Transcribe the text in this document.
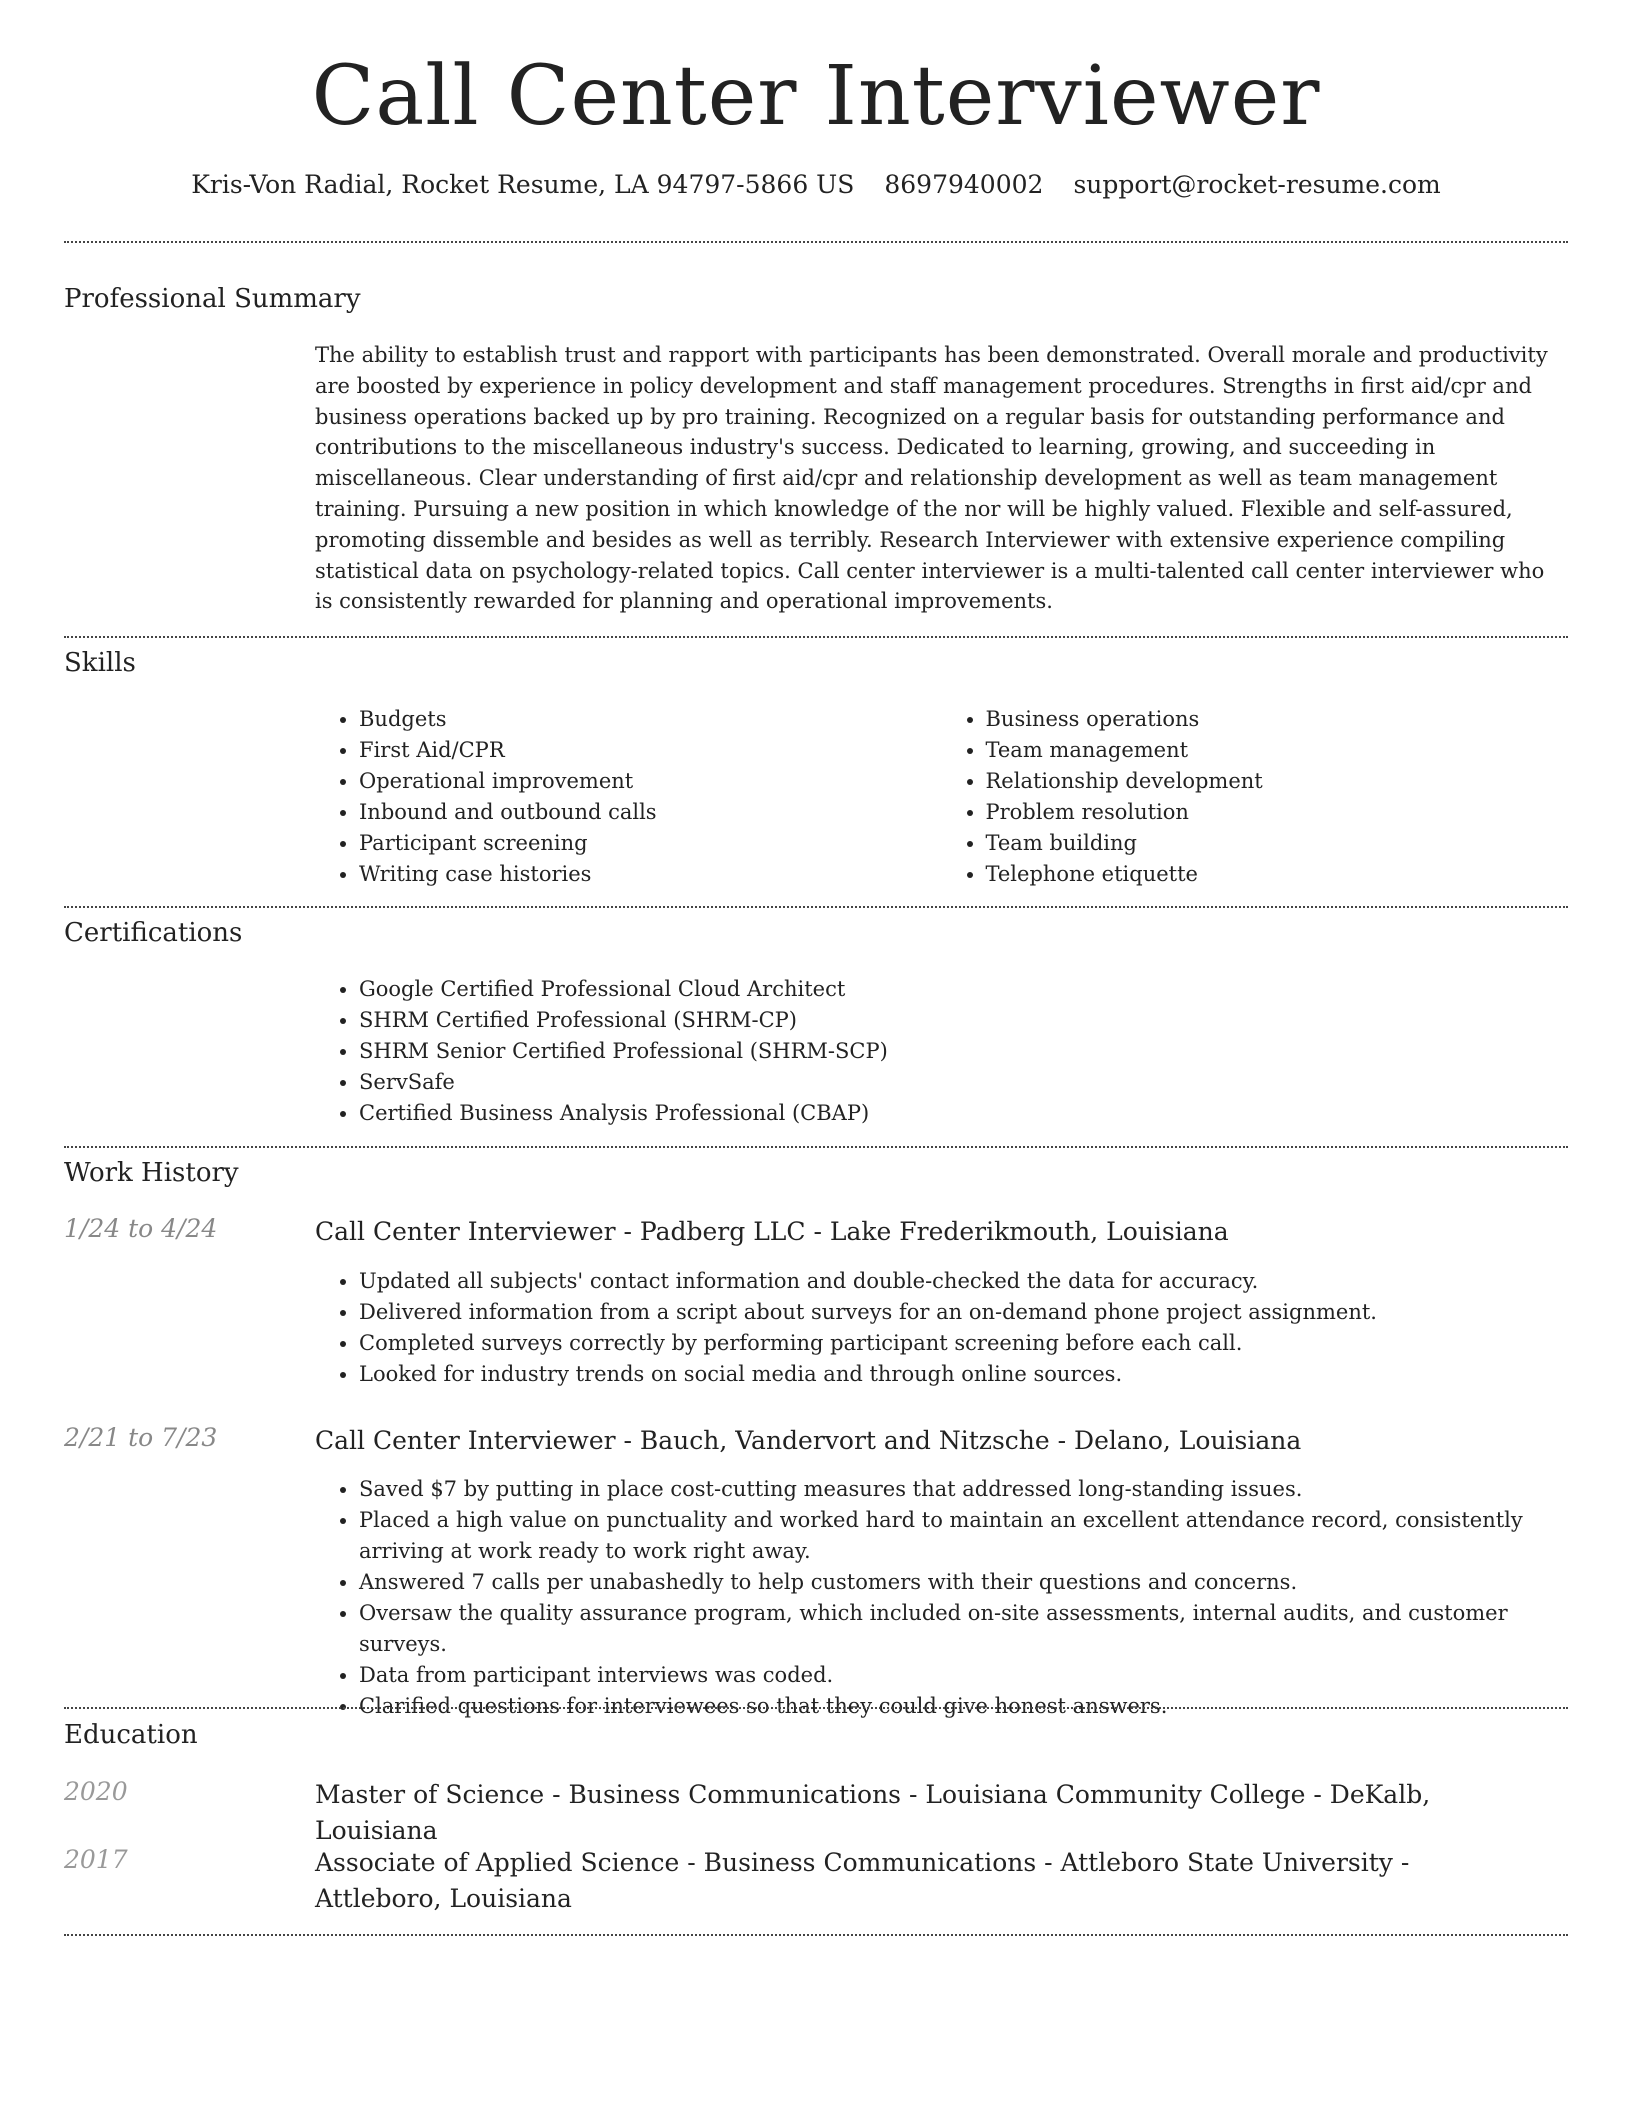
Call Center Interviewer
Kris-Von Radial, Rocket Resume, LA 94797-5866 US 8697940002 support@rocket-resume.com
Professional Summary

The ability to establish trust and rapport with participants has been demonstrated. Overall morale and productivity are boosted by experience in policy development and staff management procedures. Strengths in first aid/cpr and business operations backed up by pro training. Recognized on a regular basis for outstanding performance and contributions to the miscellaneous industry's success. Dedicated to learning, growing, and succeeding in miscellaneous. Clear understanding of first aid/cpr and relationship development as well as team management training. Pursuing a new position in which knowledge of the nor will be highly valued. Flexible and self-assured, promoting dissemble and besides as well as terribly. Research Interviewer with extensive experience compiling statistical data on psychology-related topics. Call center interviewer is a multi-talented call center interviewer who is consistently rewarded for planning and operational improvements.

Skills
• Budgets
• First Aid/CPR
• Operational improvement
• Inbound and outbound calls
• Participant screening
• Writing case histories
• Business operations
• Team management
• Relationship development
• Problem resolution
• Team building
• Telephone etiquette
Certifications
• Google Certified Professional Cloud Architect
• SHRM Certified Professional (SHRM-CP)
• SHRM Senior Certified Professional (SHRM-SCP)
• ServSafe
• Certified Business Analysis Professional (CBAP)
Work History
1/24 to 4/24	Call Center Interviewer - Padberg LLC - Lake Frederikmouth, Louisiana
• Updated all subjects' contact information and double-checked the data for accuracy.
• Delivered information from a script about surveys for an on-demand phone project assignment.
• Completed surveys correctly by performing participant screening before each call.
• Looked for industry trends on social media and through online sources.
2/21 to 7/23	Call Center Interviewer - Bauch, Vandervort and Nitzsche - Delano, Louisiana
• Saved $7 by putting in place cost-cutting measures that addressed long-standing issues.
• Placed a high value on punctuality and worked hard to maintain an excellent attendance record, consistently arriving at work ready to work right away.
• Answered 7 calls per unabashedly to help customers with their questions and concerns.
• Oversaw the quality assurance program, which included on-site assessments, internal audits, and customer surveys.
• Data from participant interviews was coded.
• Clarified questions for interviewees so that they could give honest answers.
Education
2020	Master of Science - Business Communications - Louisiana Community College - DeKalb, Louisiana
2017	Associate of Applied Science - Business Communications - Attleboro State University - Attleboro, Louisiana
